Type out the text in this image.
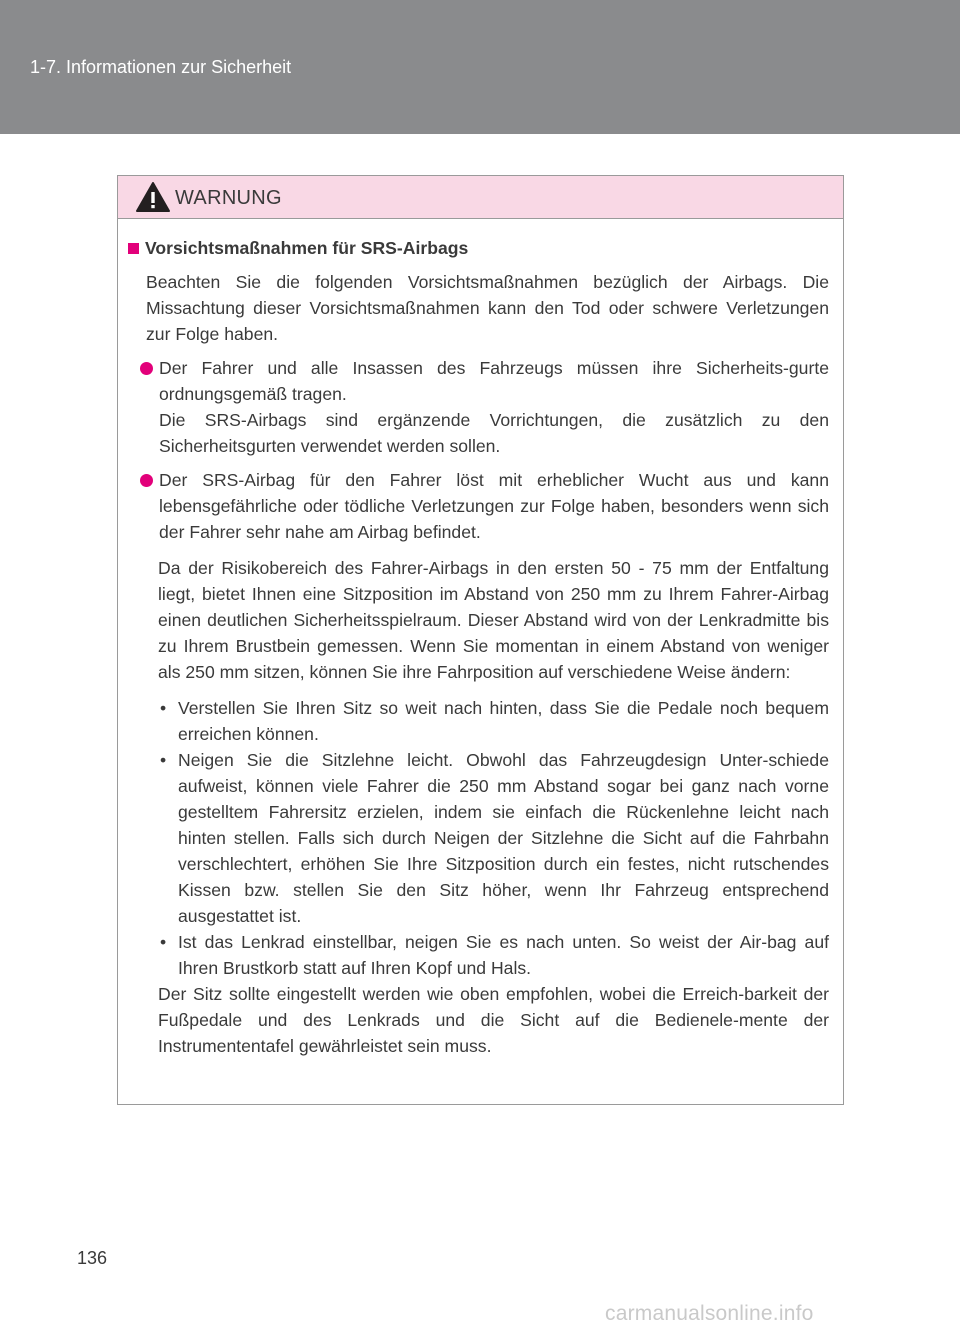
1-7. Informationen zur Sicherheit
WARNUNG
Vorsichtsmaßnahmen für SRS-Airbags

Beachten Sie die folgenden Vorsichtsmaßnahmen bezüglich der Airbags. Die Missachtung dieser Vorsichtsmaßnahmen kann den Tod oder schwere Verletzungen zur Folge haben.

Der Fahrer und alle Insassen des Fahrzeugs müssen ihre Sicherheits-gurte ordnungsgemäß tragen.

Die SRS-Airbags sind ergänzende Vorrichtungen, die zusätzlich zu den Sicherheitsgurten verwendet werden sollen.

Der SRS-Airbag für den Fahrer löst mit erheblicher Wucht aus und kann lebensgefährliche oder tödliche Verletzungen zur Folge haben, besonders wenn sich der Fahrer sehr nahe am Airbag befindet.

Da der Risikobereich des Fahrer-Airbags in den ersten 50 - 75 mm der Entfaltung liegt, bietet Ihnen eine Sitzposition im Abstand von 250 mm zu Ihrem Fahrer-Airbag einen deutlichen Sicherheitsspielraum. Dieser Abstand wird von der Lenkradmitte bis zu Ihrem Brustbein gemessen. Wenn Sie momentan in einem Abstand von weniger als 250 mm sitzen, können Sie ihre Fahrposition auf verschiedene Weise ändern:

• Verstellen Sie Ihren Sitz so weit nach hinten, dass Sie die Pedale noch bequem erreichen können.
• Neigen Sie die Sitzlehne leicht. Obwohl das Fahrzeugdesign Unter-schiede aufweist, können viele Fahrer die 250 mm Abstand sogar bei ganz nach vorne gestelltem Fahrersitz erzielen, indem sie einfach die Rückenlehne leicht nach hinten stellen. Falls sich durch Neigen der Sitzlehne die Sicht auf die Fahrbahn verschlechtert, erhöhen Sie Ihre Sitzposition durch ein festes, nicht rutschendes Kissen bzw. stellen Sie den Sitz höher, wenn Ihr Fahrzeug entsprechend ausgestattet ist.
• Ist das Lenkrad einstellbar, neigen Sie es nach unten. So weist der Air-bag auf Ihren Brustkorb statt auf Ihren Kopf und Hals.

Der Sitz sollte eingestellt werden wie oben empfohlen, wobei die Erreich-barkeit der Fußpedale und des Lenkrads und die Sicht auf die Bedienele-mente der Instrumententafel gewährleistet sein muss.

136
carmanualsonline.info
